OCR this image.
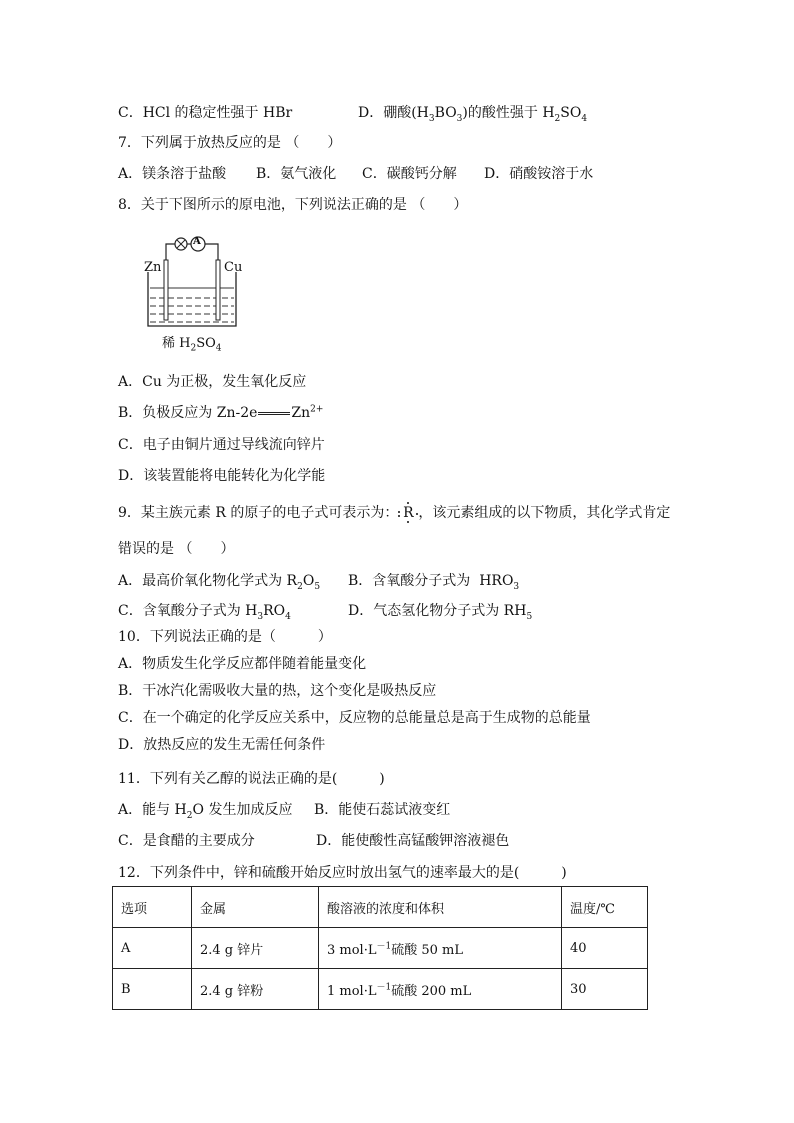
C．HCl 的稳定性强于 HBr	D．硼酸$(H_3BO_3)$的酸性强于 $H_2SO_4$
7．下列属于放热反应的是 （　　）
A．镁条溶于盐酸 B．氨气液化 C．碳酸钙分解 D．硝酸铵溶于水
8．关于下图所示的原电池，下列说法正确的是 （　　）
Zn	Cu
A
稀 $H_2SO_4$
A．Cu 为正极，发生氧化反应
B．负极反应为 Zn-2e $Zn^{2+}$
C．电子由铜片通过导线流向锌片
D．该装置能将电能转化为化学能
9．某主族元素 R 的原子的电子式可表示为： R ，该元素组成的以下物质，其化学式肯定
错误的是 （　　）
A．最高价氧化物化学式为 $R_2O_5$ B．含氧酸分子式为  $HRO_3$
C．含氧酸分子式为 $H_3RO_4$	D．气态氢化物分子式为 $RH_5$
10．下列说法正确的是（　　　）
A．物质发生化学反应都伴随着能量变化
B．干冰汽化需吸收大量的热，这个变化是吸热反应
C．在一个确定的化学反应关系中，反应物的总能量总是高于生成物的总能量
D．放热反应的发生无需任何条件
11．下列有关乙醇的说法正确的是(　　　)
A．能与 $H_2O$ 发生加成反应 B．能使石蕊试液变红
C．是食醋的主要成分	D．能使酸性高锰酸钾溶液褪色
12．下列条件中，锌和硫酸开始反应时放出氢气的速率最大的是(　　　)
选项	金属	酸溶液的浓度和体积	温度/℃
A	2.4 g 锌片	3 $mol\cdot L^{-1}$硫酸 50 mL	40
B	2.4 g 锌粉	1 $mol\cdot L^{-1}$硫酸 200 mL	30
